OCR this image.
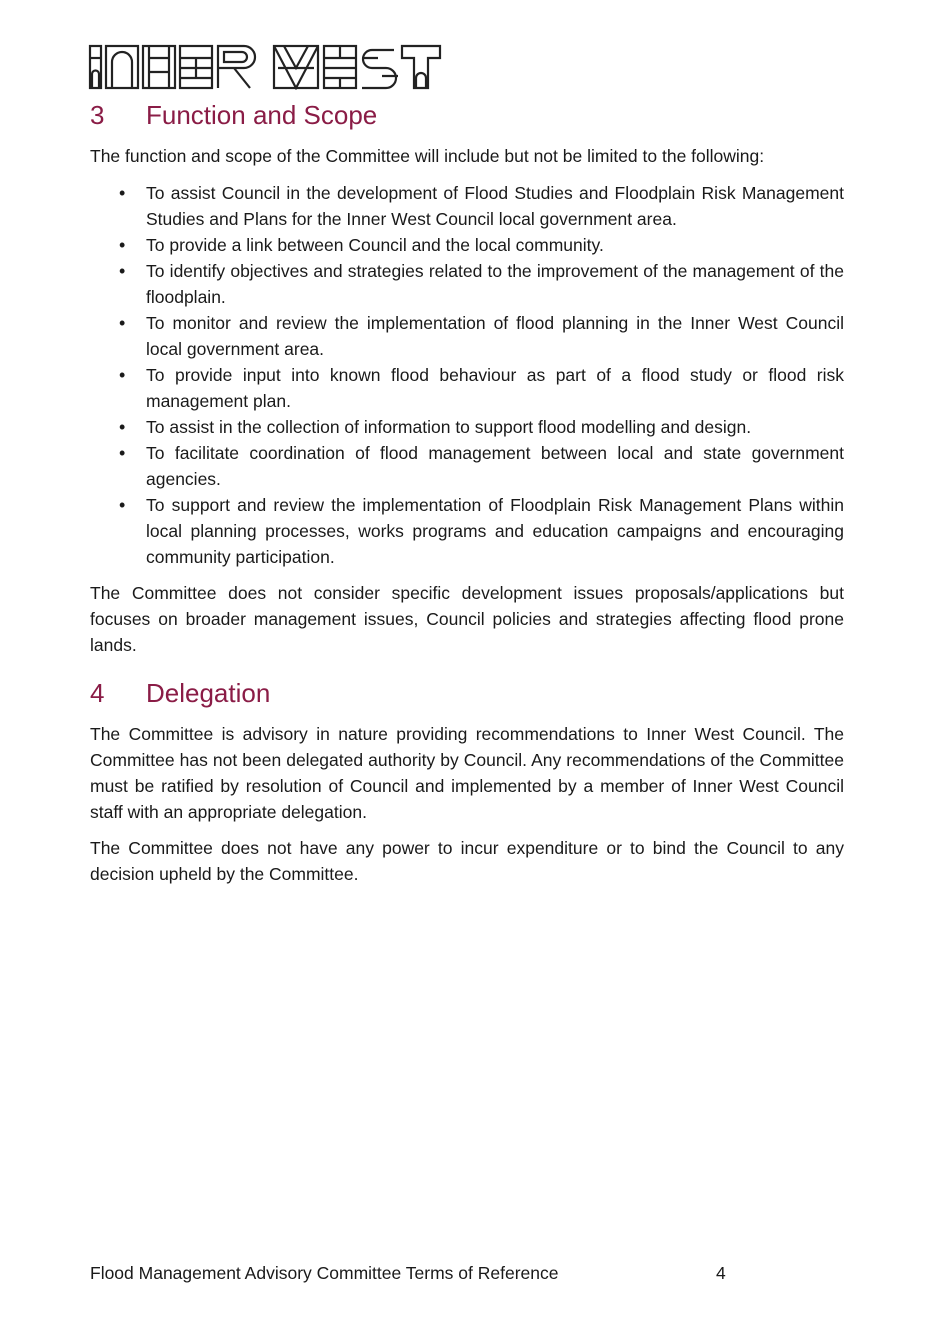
3 Function and Scope

The function and scope of the Committee will include but not be limited to the following:

• To assist Council in the development of Flood Studies and Floodplain Risk Management Studies and Plans for the Inner West Council local government area.
• To provide a link between Council and the local community.
• To identify objectives and strategies related to the improvement of the management of the floodplain.
• To monitor and review the implementation of flood planning in the Inner West Council local government area.
• To provide input into known flood behaviour as part of a flood study or flood risk management plan.
• To assist in the collection of information to support flood modelling and design.
• To facilitate coordination of flood management between local and state government agencies.
• To support and review the implementation of Floodplain Risk Management Plans within local planning processes, works programs and education campaigns and encouraging community participation.

The Committee does not consider specific development issues proposals/applications but focuses on broader management issues, Council policies and strategies affecting flood prone lands.

4 Delegation

The Committee is advisory in nature providing recommendations to Inner West Council. The Committee has not been delegated authority by Council. Any recommendations of the Committee must be ratified by resolution of Council and implemented by a member of Inner West Council staff with an appropriate delegation.

The Committee does not have any power to incur expenditure or to bind the Council to any decision upheld by the Committee.

Flood Management Advisory Committee Terms of Reference	4
